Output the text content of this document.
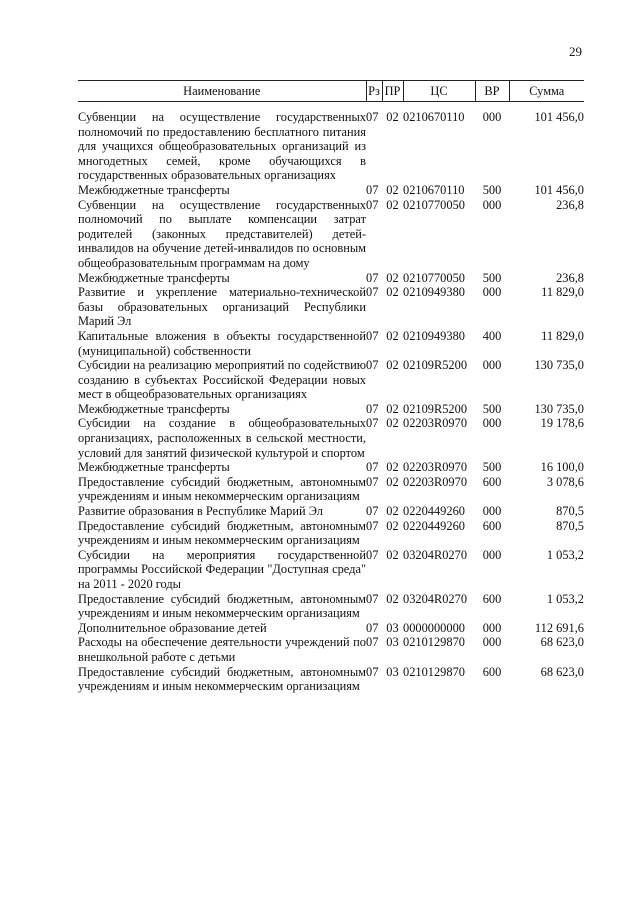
29
Наименование	Рз	ПР	ЦС	ВР	Сумма
Субвенции на осуществление государственных полномочий по предоставлению бесплатного питания для учащихся общеобразовательных организаций из многодетных семей, кроме обучающихся в государственных образовательных организациях	07	02	0210670110	000	101 456,0
Межбюджетные трансферты	07	02	0210670110	500	101 456,0
Субвенции на осуществление государственных полномочий по выплате компенсации затрат родителей (законных представителей) детей-инвалидов на обучение детей-инвалидов по основным общеобразовательным программам на дому	07	02	0210770050	000	236,8
Межбюджетные трансферты	07	02	0210770050	500	236,8
Развитие и укрепление материально-технической базы образовательных организаций Республики Марий Эл	07	02	0210949380	000	11 829,0
Капитальные вложения в объекты государственной (муниципальной) собственности	07	02	0210949380	400	11 829,0
Субсидии на реализацию мероприятий по содействию созданию в субъектах Российской Федерации новых мест в общеобразовательных организациях	07	02	02109R5200	000	130 735,0
Межбюджетные трансферты	07	02	02109R5200	500	130 735,0
Субсидии на создание в общеобразовательных организациях, расположенных в сельской местности, условий для занятий физической культурой и спортом	07	02	02203R0970	000	19 178,6
Межбюджетные трансферты	07	02	02203R0970	500	16 100,0
Предоставление субсидий бюджетным, автономным учреждениям и иным некоммерческим организациям	07	02	02203R0970	600	3 078,6
Развитие образования в Республике Марий Эл	07	02	0220449260	000	870,5
Предоставление субсидий бюджетным, автономным учреждениям и иным некоммерческим организациям	07	02	0220449260	600	870,5
Субсидии на мероприятия государственной программы Российской Федерации "Доступная среда" на 2011 - 2020 годы	07	02	03204R0270	000	1 053,2
Предоставление субсидий бюджетным, автономным учреждениям и иным некоммерческим организациям	07	02	03204R0270	600	1 053,2
Дополнительное образование детей	07	03	0000000000	000	112 691,6
Расходы на обеспечение деятельности учреждений по внешкольной работе с детьми	07	03	0210129870	000	68 623,0
Предоставление субсидий бюджетным, автономным учреждениям и иным некоммерческим организациям	07	03	0210129870	600	68 623,0
